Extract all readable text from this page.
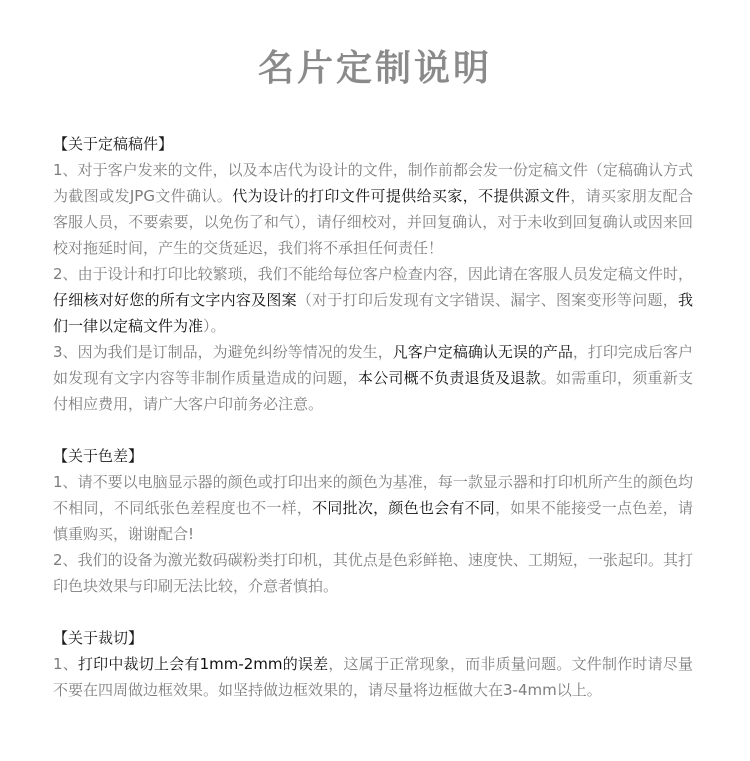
名片定制说明
【关于定稿稿件】

1、对于客户发来的文件，以及本店代为设计的文件，制作前都会发一份定稿文件（定稿确认方式为截图或发JPG文件确认。代为设计的打印文件可提供给买家，不提供源文件，请买家朋友配合客服人员，不要索要，以免伤了和气），请仔细校对，并回复确认，对于未收到回复确认或因来回校对拖延时间，产生的交货延迟，我们将不承担任何责任！

2、由于设计和打印比较繁琐，我们不能给每位客户检查内容，因此请在客服人员发定稿文件时，仔细核对好您的所有文字内容及图案（对于打印后发现有文字错误、漏字、图案变形等问题，我们一律以定稿文件为准）。

3、因为我们是订制品，为避免纠纷等情况的发生，凡客户定稿确认无误的产品，打印完成后客户如发现有文字内容等非制作质量造成的问题，本公司概不负责退货及退款。如需重印，须重新支付相应费用，请广大客户印前务必注意。

【关于色差】

1、请不要以电脑显示器的颜色或打印出来的颜色为基准，每一款显示器和打印机所产生的颜色均不相同，不同纸张色差程度也不一样，不同批次，颜色也会有不同，如果不能接受一点色差，请慎重购买，谢谢配合!

2、我们的设备为激光数码碳粉类打印机，其优点是色彩鲜艳、速度快、工期短，一张起印。其打印色块效果与印刷无法比较，介意者慎拍。

【关于裁切】

1、打印中裁切上会有1mm-2mm的误差，这属于正常现象，而非质量问题。文件制作时请尽量不要在四周做边框效果。如坚持做边框效果的，请尽量将边框做大在3-4mm以上。
